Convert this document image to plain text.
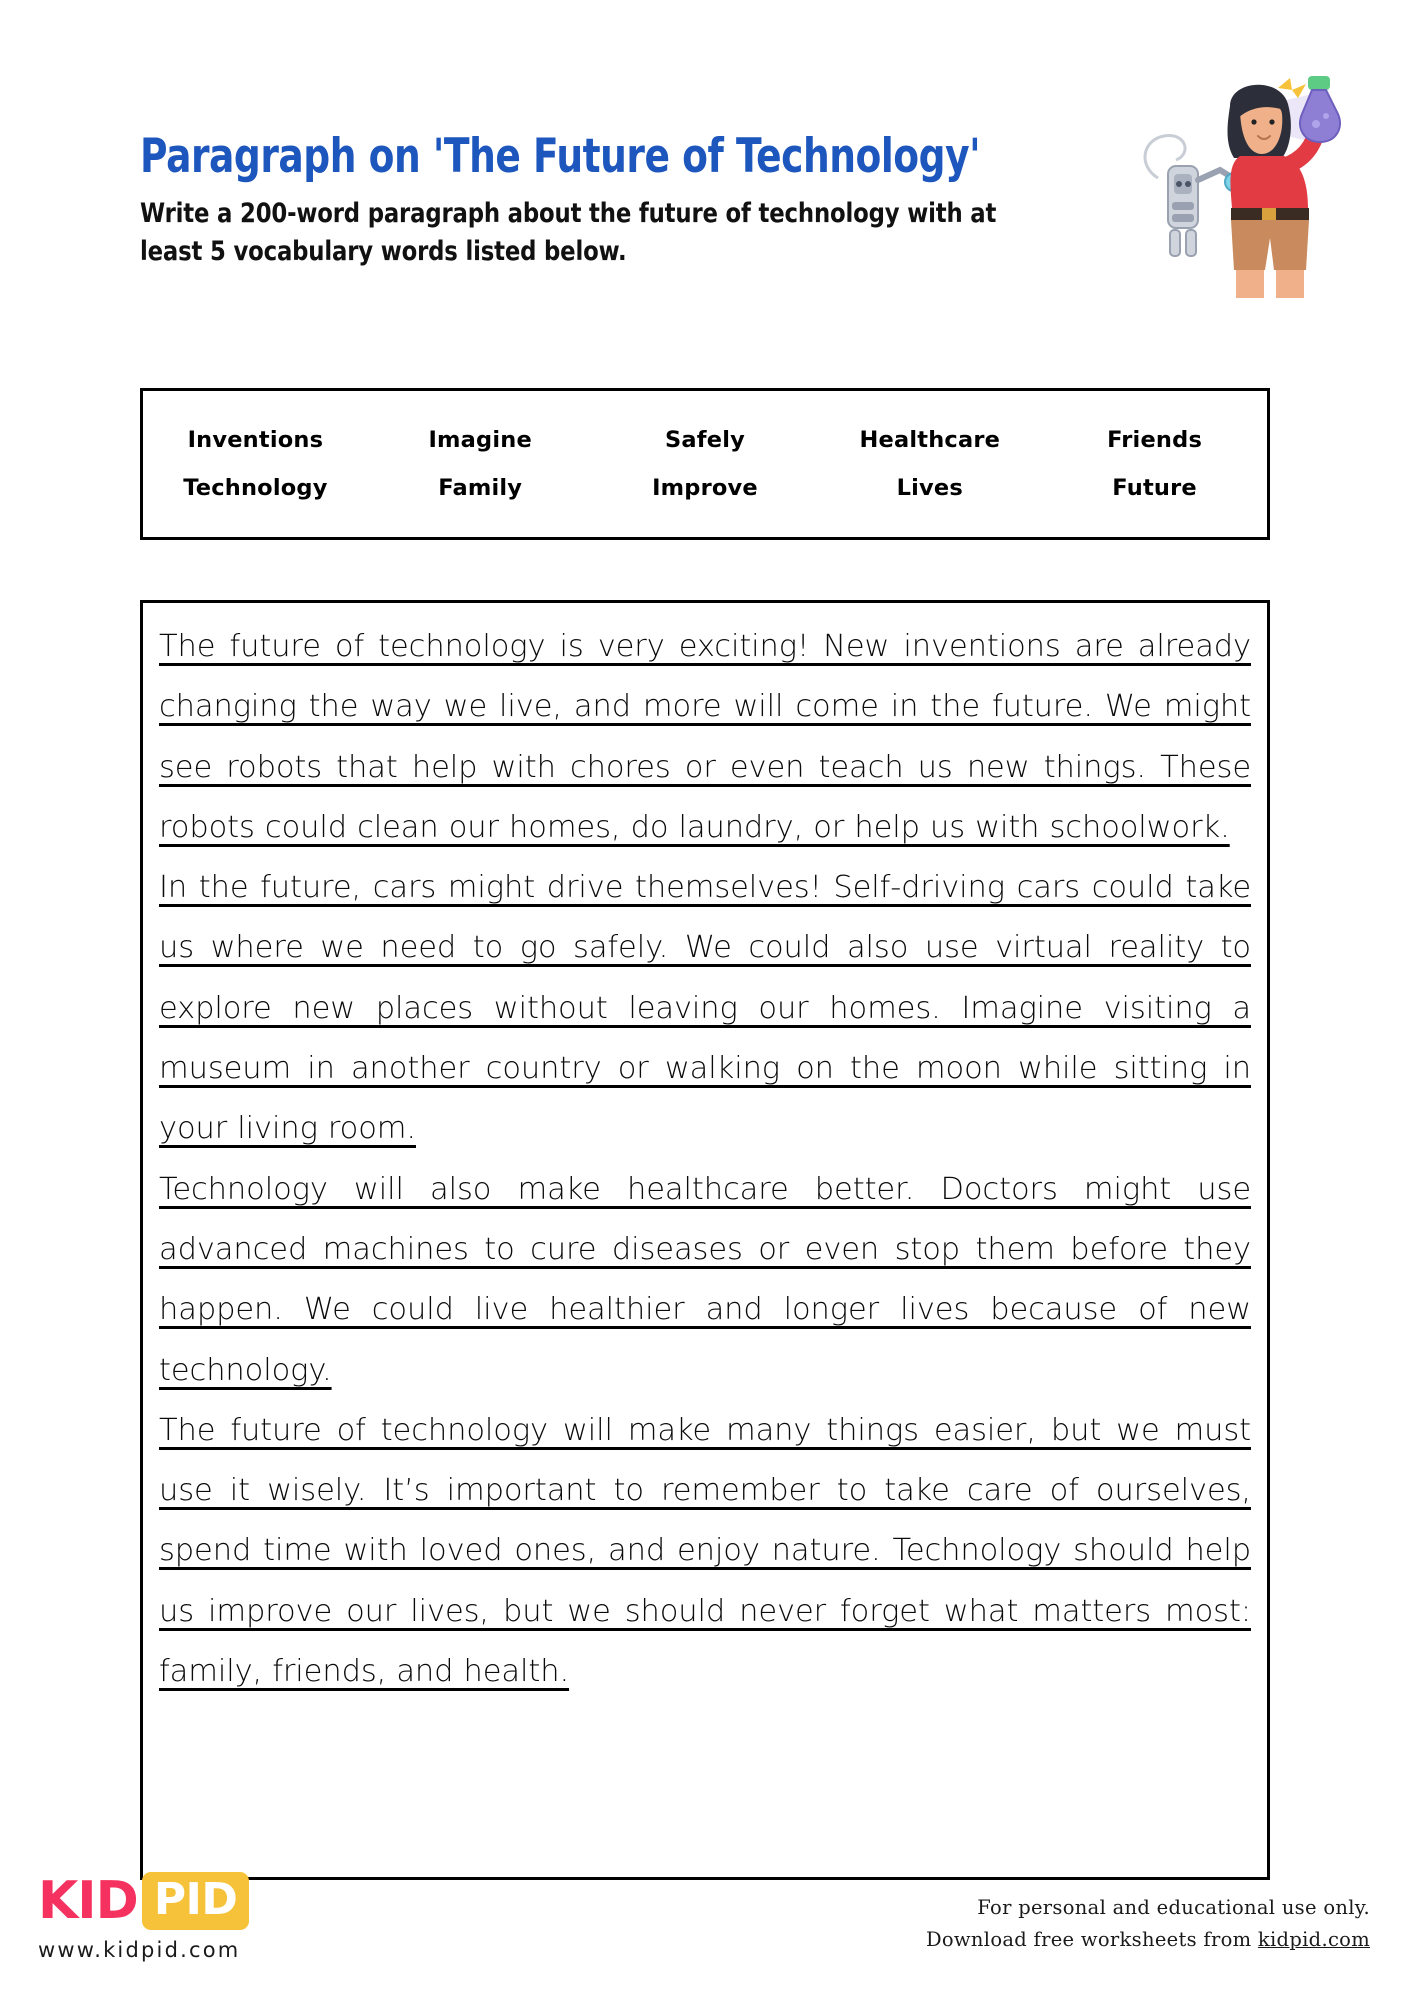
Paragraph on 'The Future of Technology'

Write a 200-word paragraph about the future of technology with at least 5 vocabulary words listed below.

Inventions	Imagine	Safely	Healthcare	Friends
Technology	Family	Improve	Lives	Future

The future of technology is very exciting! New inventions are already changing the way we live, and more will come in the future. We might see robots that help with chores or even teach us new things. These robots could clean our homes, do laundry, or help us with schoolwork.

In the future, cars might drive themselves! Self-driving cars could take us where we need to go safely. We could also use virtual reality to explore new places without leaving our homes. Imagine visiting a museum in another country or walking on the moon while sitting in your living room.

Technology will also make healthcare better. Doctors might use advanced machines to cure diseases or even stop them before they happen. We could live healthier and longer lives because of new technology.

The future of technology will make many things easier, but we must use it wisely. It’s important to remember to take care of ourselves, spend time with loved ones, and enjoy nature. Technology should help us improve our lives, but we should never forget what matters most: family, friends, and health.

KID PID
www.kidpid.com
For personal and educational use only.
Download free worksheets from kidpid.com
